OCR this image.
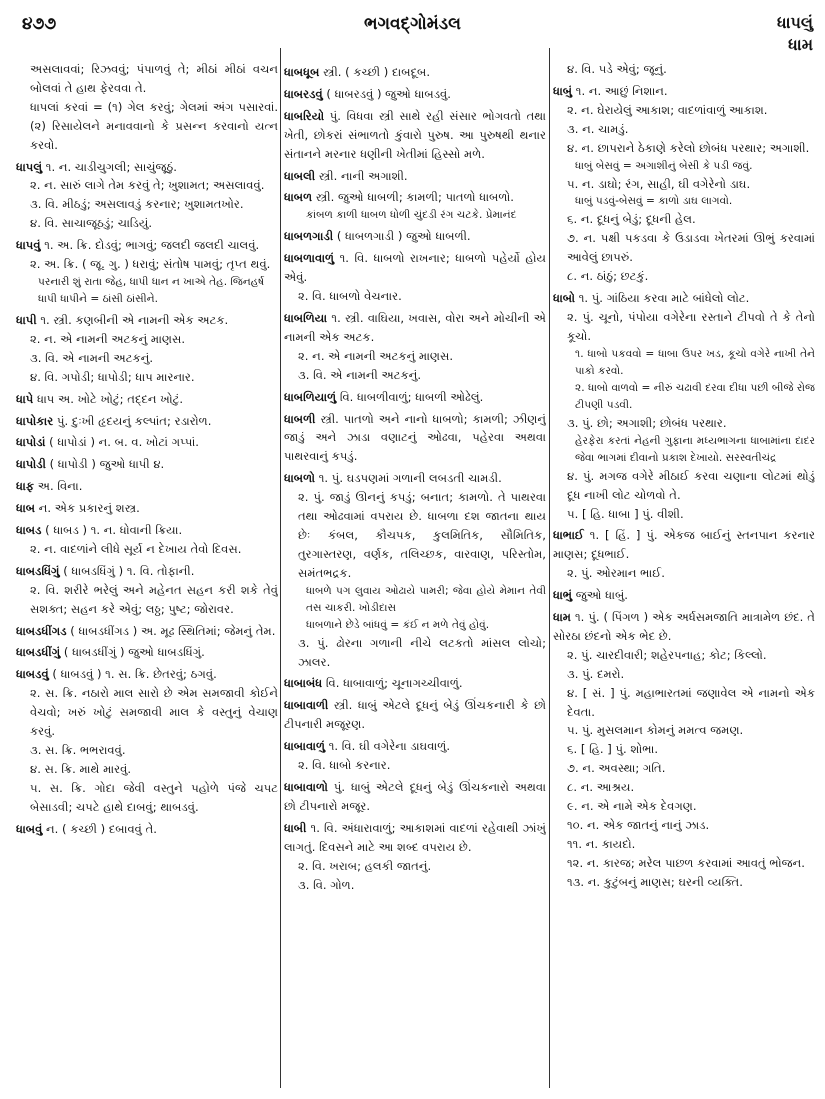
૪૭૭	ભગવદ્ગોમંડલ	ધાપલું
ધામ

અસલાવવાં; રિઝવવું; પંપાળવું તે; મીઠાં મીઠાં વચન બોલવાં તે હાથ ફેરવવા તે.

ધાપલાં કરવાં = (૧) ગેલ કરવું; ગેલમાં અંગ પસારવાં. (૨) રિસાયેલને મનાવવાનો કે પ્રસન્ન કરવાનો યત્ન કરવો.

ધાપલું ૧. ન. ચાડીચુગલી; સાચુંજૂઠું.

૨. ન. સારું લાગે તેમ કરવું તે; ખુશામત; અસલાવવું.

૩. વિ. મીઠડું; અસલાવડું કરનાર; ખુશામતખોર.

૪. વિ. સાચાજૂઠડું; ચાડિયું.

ધાપવું ૧. અ. ક્રિ. દોડવું; ભાગવું; જલદી જલદી ચાલવું.

૨. અ. ક્રિ. ( જૂ. ગુ. ) ધરાવું; સંતોષ પામવું; તૃપ્ત થવું.

પરનારી શું રાતા જેહ, ધાપી ધાન ન ખાએ તેહ. જિનહર્ષ

ધાપી ધાપીને = ઠાંસી ઠાંસીને.

ધાપી ૧. સ્ત્રી. કણબીની એ નામની એક અટક.

૨. ન. એ નામની અટકનું માણસ.

૩. વિ. એ નામની અટકનું.

૪. વિ. ગપોડી; ધાપોડી; ધાપ મારનાર.

ધાપે ધાપ અ. ખોટે ખોટું; તદ્દન ખોટું.

ધાપોકાર પું. દુઃખી હૃદયનું કલ્પાંત; રડારોળ.

ધાપોડાં ( ધાપોડાં ) ન. બ. વ. ખોટાં ગપ્પાં.

ધાપોડી ( ધાપોડી ) જુઓ ધાપી ૪.

ધાફ અ. વિના.

ધાબ ન. એક પ્રકારનું શસ્ત્ર.

ધાબડ ( ધાબડ ) ૧. ન. ધોવાની ક્રિયા.

૨. ન. વાદળાંને લીધે સૂર્ય ન દેખાય તેવો દિવસ.

ધાબડધિંગું ( ધાબડધિંગું ) ૧. વિ. તોફાની.

૨. વિ. શરીરે ભરેલું અને મહેનત સહન કરી શકે તેવું સશક્ત; સહન કરે એવું; લઠ્ઠ; પુષ્ટ; જોરાવર.

ધાબડધીંગડ ( ધાબડધીંગડ ) અ. મૂઢ સ્થિતિમાં; જેમનું તેમ.

ધાબડધીંગું ( ધાબડધીંગું ) જુઓ ધાબડધિંગું.

ધાબડવું ( ધાબડવું ) ૧. સ. ક્રિ. છેતરવું; ઠગવું.

૨. સ. ક્રિ. નઠારો માલ સારો છે એમ સમજાવી કોઈને વેચવો; ખરું ખોટું સમજાવી માલ કે વસ્તુનું વેચાણ કરવું.

૩. સ. ક્રિ. ભભરાવવું.

૪. સ. ક્રિ. માથે મારવું.

૫. સ. ક્રિ. ગોદા જેવી વસ્તુને પહોળે પંજે ચપટ બેસાડવી; ચપટે હાથે દાબવું; થાબડવું.

ધાબવું ન. ( કચ્છી ) દબાવવું તે.

ધાબધૂબ સ્ત્રી. ( કચ્છી ) દાબદૂબ.

ધાબરડવું ( ધાબરડવું ) જુઓ ધાબડવું.

ધાબરિયો પું. વિધવા સ્ત્રી સાથે રહી સંસાર ભોગવતો તથા ખેતી, છોકરાં સંભાળતો કુંવારો પુરુષ. આ પુરુષથી થનાર સંતાનને મરનાર ધણીની ખેતીમાં હિસ્સો મળે.

ધાબલી સ્ત્રી. નાની અગાશી.

ધાબળ સ્ત્રી. જુઓ ધાબળી; કામળી; પાતળો ધાબળો.

કાંબળ કાળી ધાબળ ધોળી ચુંદડી રંગ ચટકે. પ્રેમાનંદ

ધાબળગાડી ( ધાબળગાડી ) જુઓ ધાબળી.

ધાબળાવાળું ૧. વિ. ધાબળો રાખનાર; ધાબળો પહેર્યો હોય એવું.

૨. વિ. ધાબળો વેચનાર.

ધાબળિયા ૧. સ્ત્રી. વાઘિયા, ખવાસ, વોરા અને મોચીની એ નામની એક અટક.

૨. ન. એ નામની અટકનું માણસ.

૩. વિ. એ નામની અટકનું.

ધાબળિયાળું વિ. ધાબળીવાળું; ધાબળી ઓઢેલું.

ધાબળી સ્ત્રી. પાતળો અને નાનો ધાબળો; કામળી; ઝીણનું જાડું અને ઝાડા વણાટનું ઓઢવા, પહેરવા અથવા પાથરવાનું કપડું.

ધાબળો ૧. પું. ઘડપણમાં ગળાની લબડતી ચામડી.

૨. પું. જાડું ઊનનું કપડું; બનાત; કામળો. તે પાથરવા તથા ઓઢવામાં વપરાય છે. ધાબળા દશ જાતના થાય છેઃ કંબલ, કૌચપક, કુલમિતિક, સૌમિતિક, તુરગાસ્તરણ, વર્ણક, તલિચ્છક, વારવાણ, પરિસ્તોમ, સમંતભદ્રક.

ધાબળે પગ લુવાય ઓઢાયે પામરી; જેવા હોયે મેમાન તેવી તસ ચાકરી. ખોડીદાસ

ધાબળાને છેડે બાંધવું = કંઈ ન મળે તેવું હોવું.

૩. પું. ઢોરના ગળાની નીચે લટકતો માંસલ લોચો; ઝાલર.

ધાબાબંધ વિ. ધાબાવાળું; ચૂનાગચ્ચીવાળું.

ધાબાવાળી સ્ત્રી. ધાબું એટલે દૂધનું બેડું ઊંચકનારી કે છો ટીપનારી મજૂરણ.

ધાબાવાળું ૧. વિ. ઘી વગેરેના ડાઘવાળું.

૨. વિ. ધાબો કરનાર.

ધાબાવાળો પું. ધાબું એટલે દૂધનું બેડું ઊંચકનારો અથવા છો ટીપનારો મજૂર.

ધાબી ૧. વિ. અંધારાવાળું; આકાશમાં વાદળાં રહેવાથી ઝાંખું લાગતું. દિવસને માટે આ શબ્દ વપરાય છે.

૨. વિ. ખરાબ; હલકી જાતનું.

૩. વિ. ગોળ.

૪. વિ. ૫ડે એવું; જૂનું.

ધાબું ૧. ન. આછું નિશાન.

૨. ન. ઘેરાયેલું આકાશ; વાદળાંવાળું આકાશ.

૩. ન. ચામડું.

૪. ન. છાપરાને ઠેકાણે કરેલો છોબંધ પરથાર; અગાશી.

ધાબું બેસવું = અગાશીનું બેસી કે પડી જવું.

૫. ન. ડાઘો; રંગ, સાહી, ઘી વગેરેનો ડાઘ.

ધાબું પડવું-બેસવું = કાળો ડાઘ લાગવો.

૬. ન. દૂધનું બેડું; દૂધની હેલ.

૭. ન. પક્ષી પકડવા કે ઉડાડવા ખેતરમાં ઊભું કરવામાં આવેલું છાપરું.

૮. ન. ઠાંઠું; છટકું.

ધાબો ૧. પું. ગાંઠિયા કરવા માટે બાંધેલો લોટ.

૨. પું. ચૂનો, પંપોયા વગેરેના રસ્તાને ટીપવો તે કે તેનો કૂચો.

૧. ધાબો પકવવો = ધાબા ઉપર ખડ, કૂચો વગેરે નાખી તેને પાકો કરવો.

૨. ધાબો વાળવો = નીરું ચઢાવી દરવા દીધા પછી બીજે રોજ ટીપણી પડવી.

૩. પું. છો; અગાશી; છોબંધ પરથાર.

હેરફેરા કરતાં નેહની ગુફાના મધ્યભાગના ધાબામાંના દાદર જેવા ભાગમાં દીવાનો પ્રકાશ દેખાયો. સરસ્વતીચંદ્ર

૪. પું. મગજ વગેરે મીઠાઈ કરવા ચણાના લોટમાં થોડું દૂધ નાખી લોટ ચોળવો તે.

૫. [ હિ. ધાબા ] પું. વીશી.

ધાભાઈ ૧. [ હિં. ] પું. એકજ બાઈનું સ્તનપાન કરનાર માણસ; દૂધભાઈ.

૨. પું. ઓરમાન ભાઈ.

ધાભું જુઓ ધાબું.

ધામ ૧. પું. ( પિંગળ ) એક અર્ધસમજાતિ માત્રામેળ છંદ. તે સોરઠા છંદનો એક ભેદ છે.

૨. પું. ચારદીવારી; શહેરપનાહ; કોટ; કિલ્લો.

૩. પું. દમરો.

૪. [ સં. ] પું. મહાભારતમાં જણાવેલ એ નામનો એક દેવતા.

૫. પું. મુસલમાન કોમનું મમત્વ જમણ.

૬. [ હિ. ] પું. શોભા.

૭. ન. અવસ્થા; ગતિ.

૮. ન. આશ્રય.

૯. ન. એ નામે એક દેવગણ.

૧૦. ન. એક જાતનું નાનું ઝાડ.

૧૧. ન. કાયદો.

૧૨. ન. કારજ; મરેલ પાછળ કરવામાં આવતું ભોજન.

૧૩. ન. કુટુંબનું માણસ; ઘરની વ્યક્તિ.
